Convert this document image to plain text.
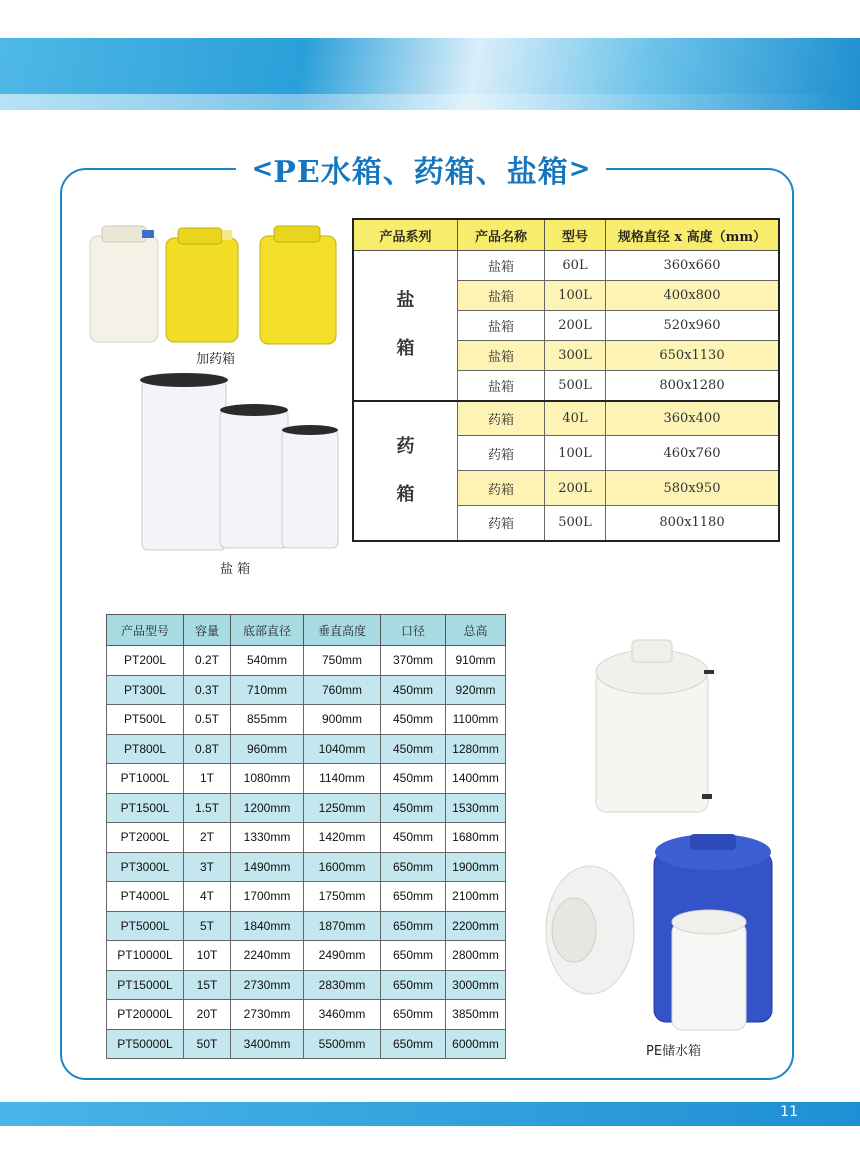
< PE水箱、药箱、盐箱 >
加药箱
盐 箱
产品系列	产品名称	型号	规格直径 x 高度（mm）
盐
箱	盐箱	60L	360x660
	盐箱	100L	400x800
	盐箱	200L	520x960
	盐箱	300L	650x1130
	盐箱	500L	800x1280
药
箱	药箱	40L	360x400
	药箱	100L	460x760
	药箱	200L	580x950
	药箱	500L	800x1180
产品型号	容量	底部直径	垂直高度	口径	总高
PT200L	0.2T	540mm	750mm	370mm	910mm
PT300L	0.3T	710mm	760mm	450mm	920mm
PT500L	0.5T	855mm	900mm	450mm	1100mm
PT800L	0.8T	960mm	1040mm	450mm	1280mm
PT1000L	1T	1080mm	1140mm	450mm	1400mm
PT1500L	1.5T	1200mm	1250mm	450mm	1530mm
PT2000L	2T	1330mm	1420mm	450mm	1680mm
PT3000L	3T	1490mm	1600mm	650mm	1900mm
PT4000L	4T	1700mm	1750mm	650mm	2100mm
PT5000L	5T	1840mm	1870mm	650mm	2200mm
PT10000L	10T	2240mm	2490mm	650mm	2800mm
PT15000L	15T	2730mm	2830mm	650mm	3000mm
PT20000L	20T	2730mm	3460mm	650mm	3850mm
PT50000L	50T	3400mm	5500mm	650mm	6000mm
PE储水箱
11
